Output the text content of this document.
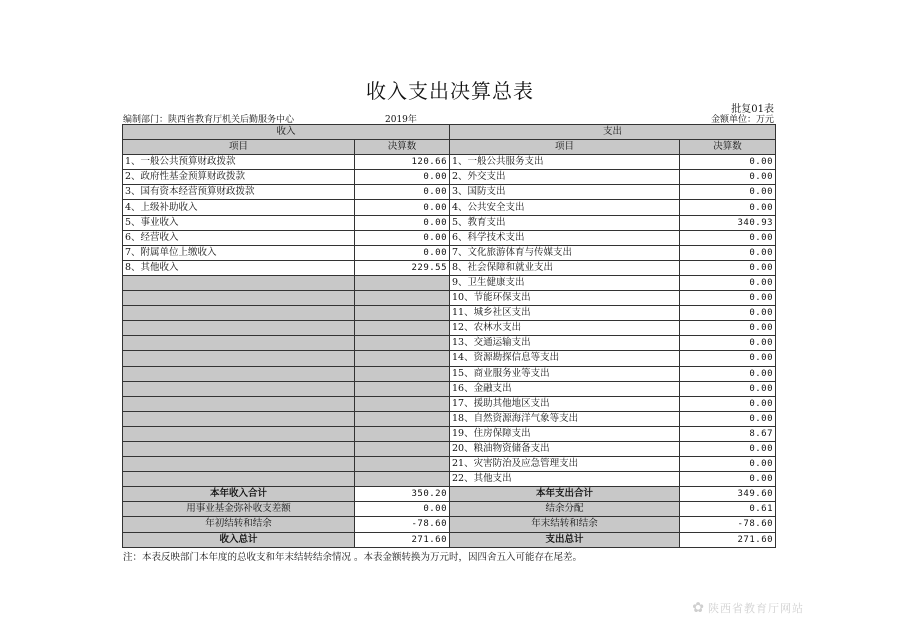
收入支出决算总表
批复01表
编制部门：陕西省教育厅机关后勤服务中心	2019年	金额单位：万元
收入		支出	
项目	决算数	项目	决算数
1、一般公共预算财政拨款	120.66	1、一般公共服务支出	0.00
2、政府性基金预算财政拨款	0.00	2、外交支出	0.00
3、国有资本经营预算财政拨款	0.00	3、国防支出	0.00
4、上级补助收入	0.00	4、公共安全支出	0.00
5、事业收入	0.00	5、教育支出	340.93
6、经营收入	0.00	6、科学技术支出	0.00
7、附属单位上缴收入	0.00	7、文化旅游体育与传媒支出	0.00
8、其他收入	229.55	8、社会保障和就业支出	0.00
		9、卫生健康支出	0.00
		10、节能环保支出	0.00
		11、城乡社区支出	0.00
		12、农林水支出	0.00
		13、交通运输支出	0.00
		14、资源勘探信息等支出	0.00
		15、商业服务业等支出	0.00
		16、金融支出	0.00
		17、援助其他地区支出	0.00
		18、自然资源海洋气象等支出	0.00
		19、住房保障支出	8.67
		20、粮油物资储备支出	0.00
		21、灾害防治及应急管理支出	0.00
		22、其他支出	0.00
本年收入合计	350.20	本年支出合计	349.60
用事业基金弥补收支差额	0.00	结余分配	0.61
年初结转和结余	-78.60	年末结转和结余	-78.60
收入总计	271.60	支出总计	271.60
注：本表反映部门本年度的总收支和年末结转结余情况 。本表金额转换为万元时，因四舍五入可能存在尾差。
✿ 陕西省教育厅网站
